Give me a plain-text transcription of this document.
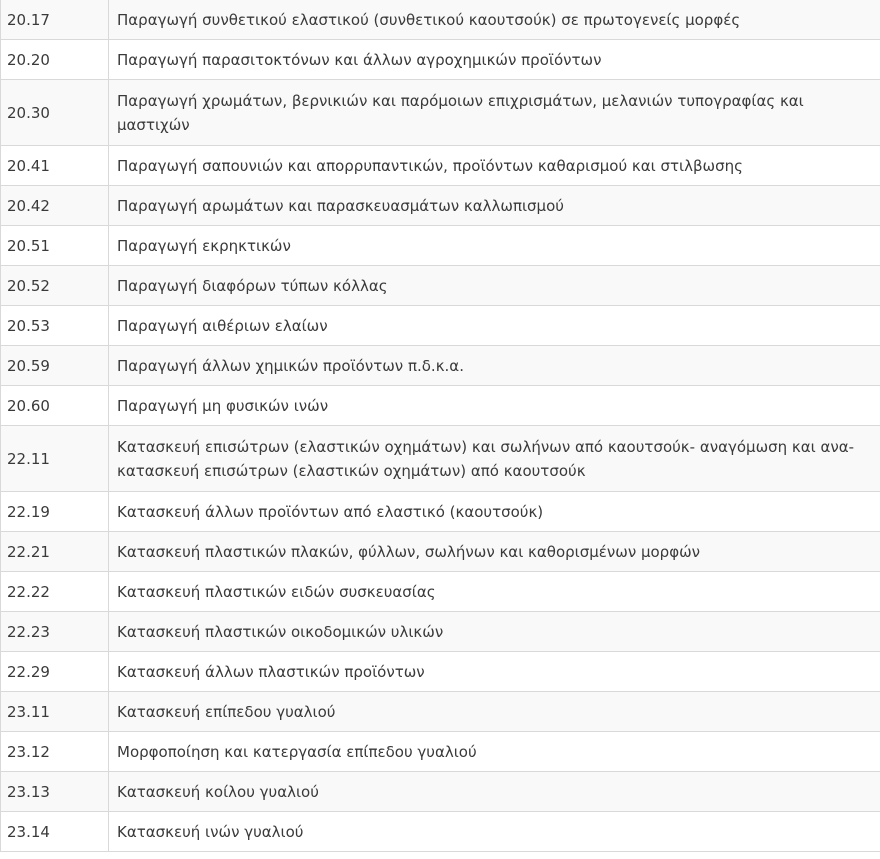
20.17	Παραγωγή συνθετικού ελαστικού (συνθετικού καουτσούκ) σε πρωτογενείς μορφές
20.20	Παραγωγή παρασιτοκτόνων και άλλων αγροχημικών προϊόντων
20.30	Παραγωγή χρωμάτων, βερνικιών και παρόμοιων επιχρισμάτων, μελανιών τυπογραφίας και μαστιχών
20.41	Παραγωγή σαπουνιών και απορρυπαντικών, προϊόντων καθαρισμού και στιλβωσης
20.42	Παραγωγή αρωμάτων και παρασκευασμάτων καλλωπισμού
20.51	Παραγωγή εκρηκτικών
20.52	Παραγωγή διαφόρων τύπων κόλλας
20.53	Παραγωγή αιθέριων ελαίων
20.59	Παραγωγή άλλων χημικών προϊόντων π.δ.κ.α.
20.60	Παραγωγή μη φυσικών ινών
22.11	Κατασκευή επισώτρων (ελαστικών οχημάτων) και σωλήνων από καουτσούκ- αναγόμωση και ανα-κατασκευή επισώτρων (ελαστικών οχημάτων) από καουτσούκ
22.19	Κατασκευή άλλων προϊόντων από ελαστικό (καουτσούκ)
22.21	Κατασκευή πλαστικών πλακών, φύλλων, σωλήνων και καθορισμένων μορφών
22.22	Κατασκευή πλαστικών ειδών συσκευασίας
22.23	Κατασκευή πλαστικών οικοδομικών υλικών
22.29	Κατασκευή άλλων πλαστικών προϊόντων
23.11	Κατασκευή επίπεδου γυαλιού
23.12	Μορφοποίηση και κατεργασία επίπεδου γυαλιού
23.13	Κατασκευή κοίλου γυαλιού
23.14	Κατασκευή ινών γυαλιού
